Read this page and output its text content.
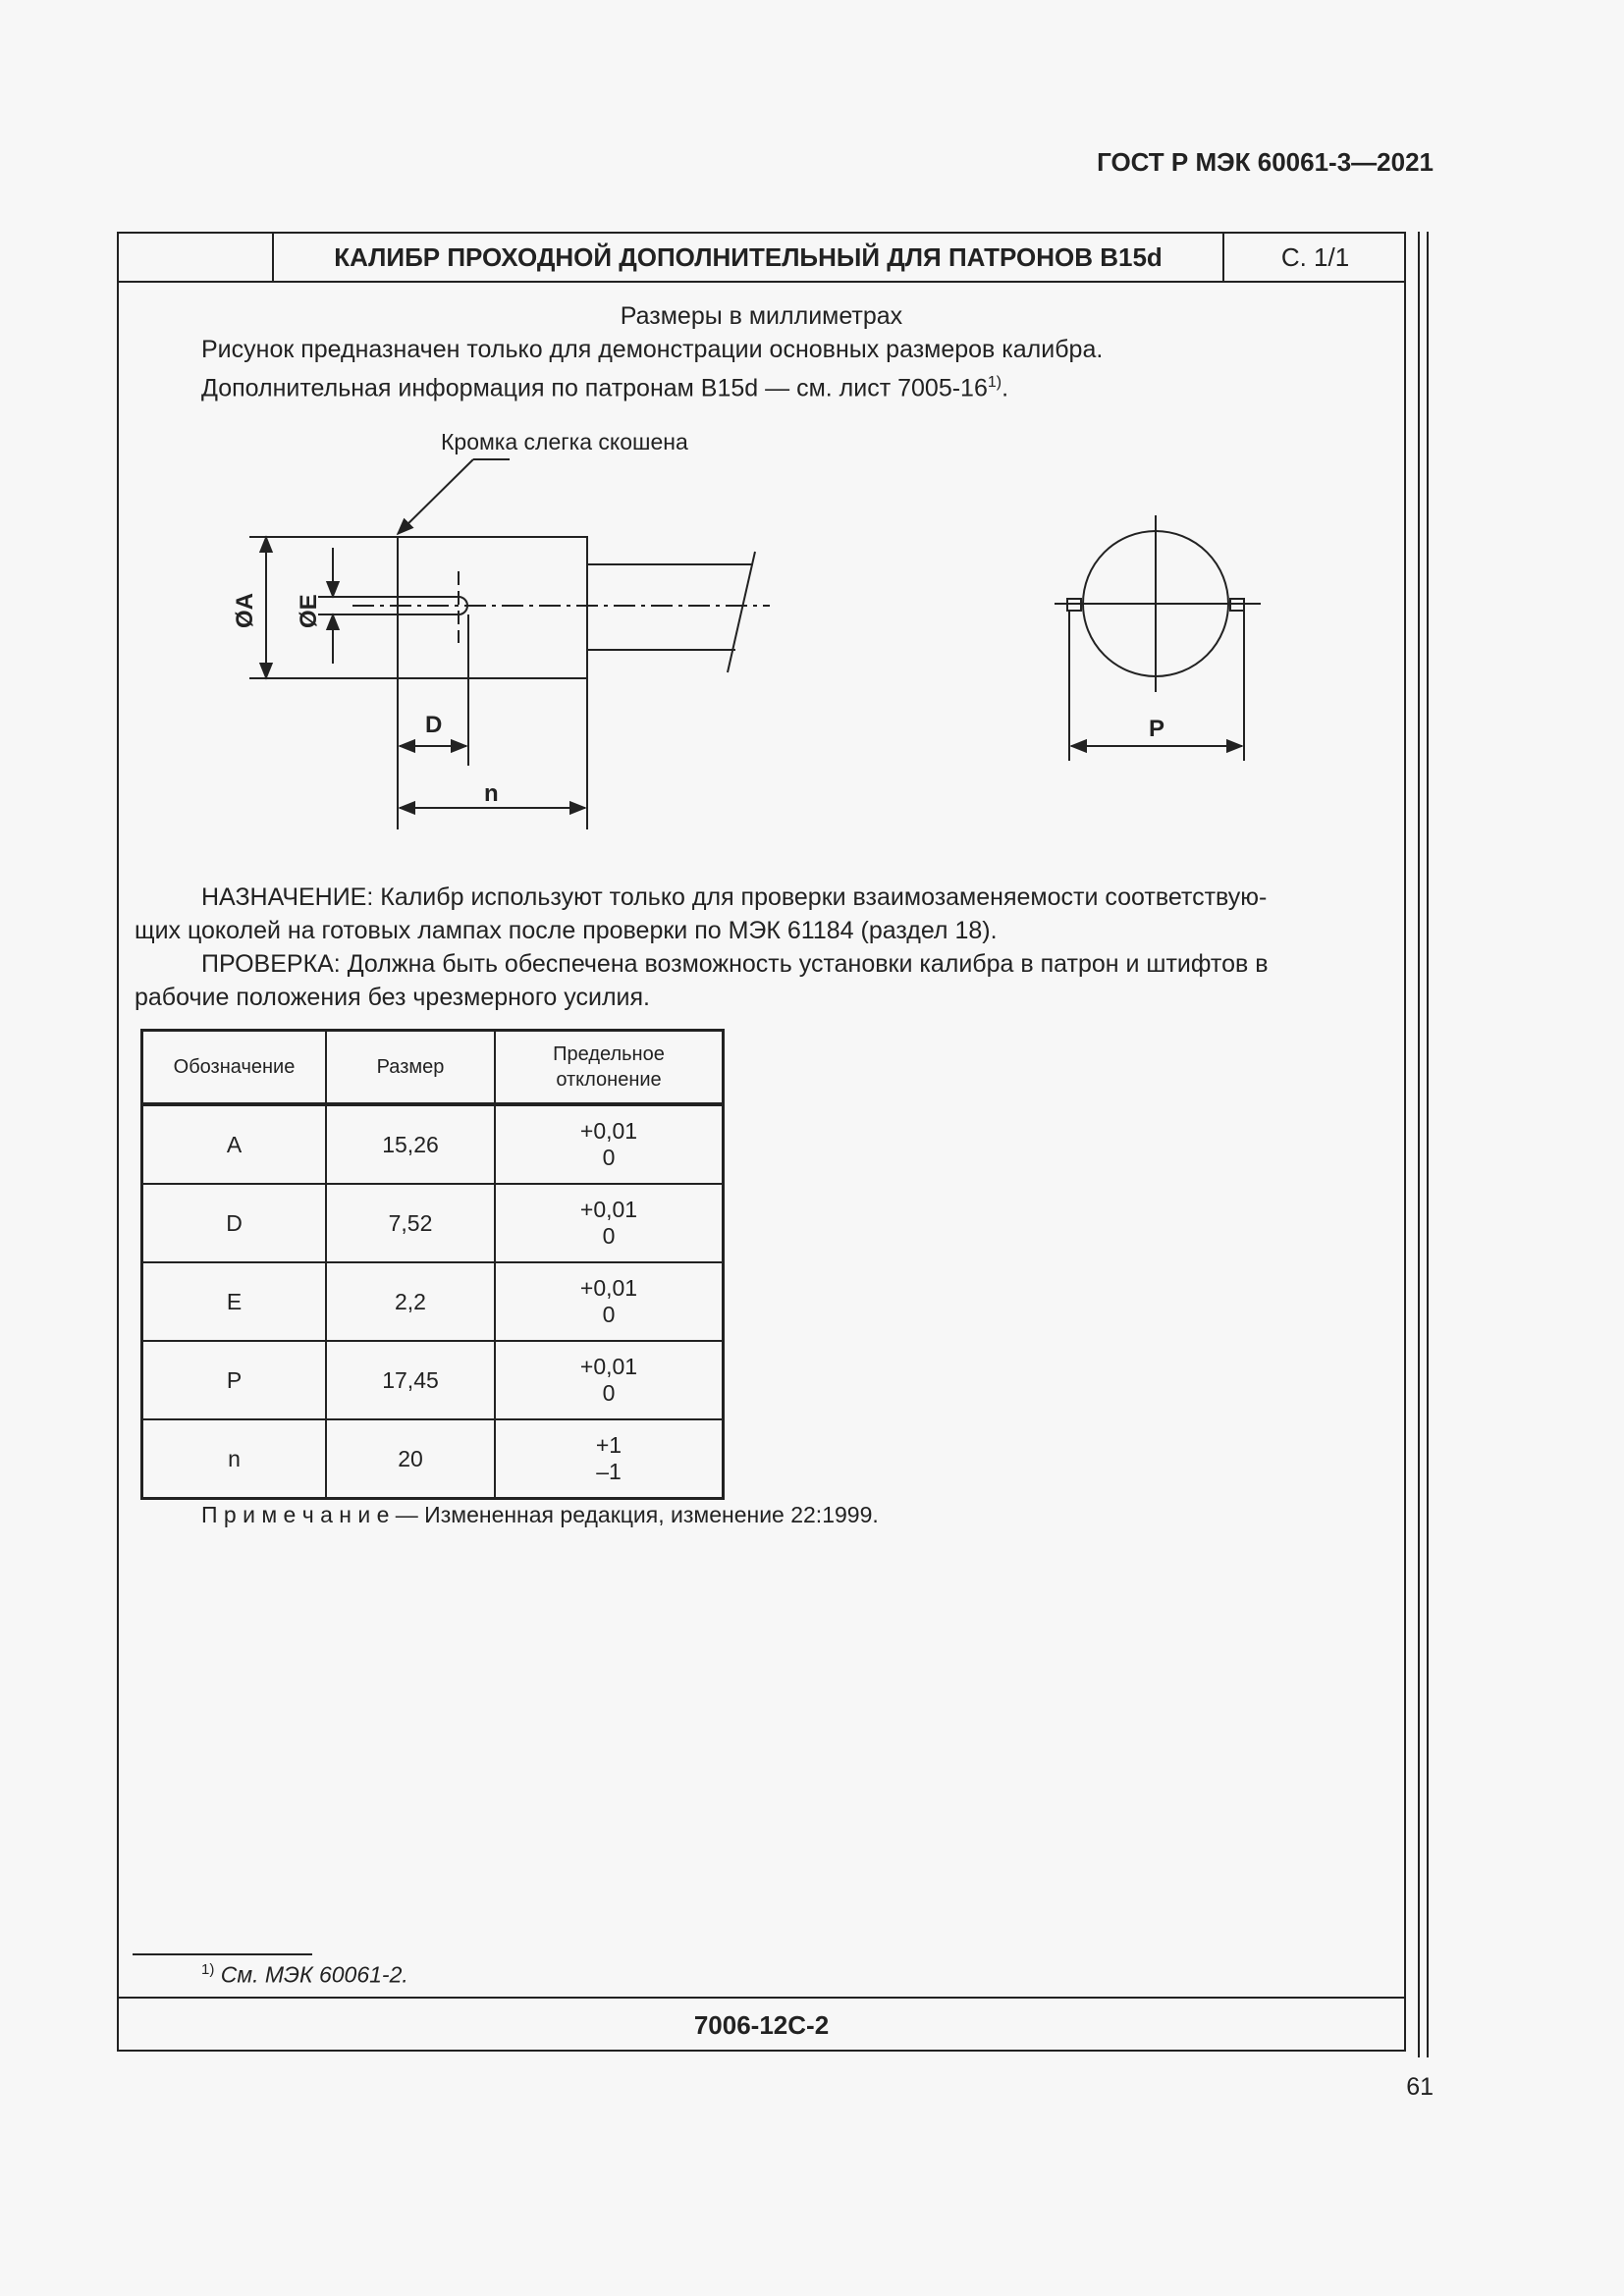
ГОСТ Р МЭК 60061-3—2021
КАЛИБР ПРОХОДНОЙ ДОПОЛНИТЕЛЬНЫЙ ДЛЯ ПАТРОНОВ B15d	С. 1/1
Размеры в миллиметрах
Рисунок предназначен только для демонстрации основных размеров калибра.
Дополнительная информация по патронам B15d — см. лист 7005-16$^{1)}$.
Кромка слегка скошена
ØA ØE
D
n
P
НАЗНАЧЕНИЕ: Калибр используют только для проверки взаимозаменяемости соответствую-
щих цоколей на готовых лампах после проверки по МЭК 61184 (раздел 18).
ПРОВЕРКА: Должна быть обеспечена возможность установки калибра в патрон и штифтов в
рабочие положения без чрезмерного усилия.
Обозначение	Размер	Предельное
отклонение

A	15,26	+0,01
0

D	7,52	+0,01
0

E	2,2	+0,01
0

P	17,45	+0,01
0

n	20	+1
–1
П р и м е ч а н и е — Измененная редакция, изменение 22:1999.
$^{1)}$ См. МЭК 60061-2.
7006-12С-2
61
